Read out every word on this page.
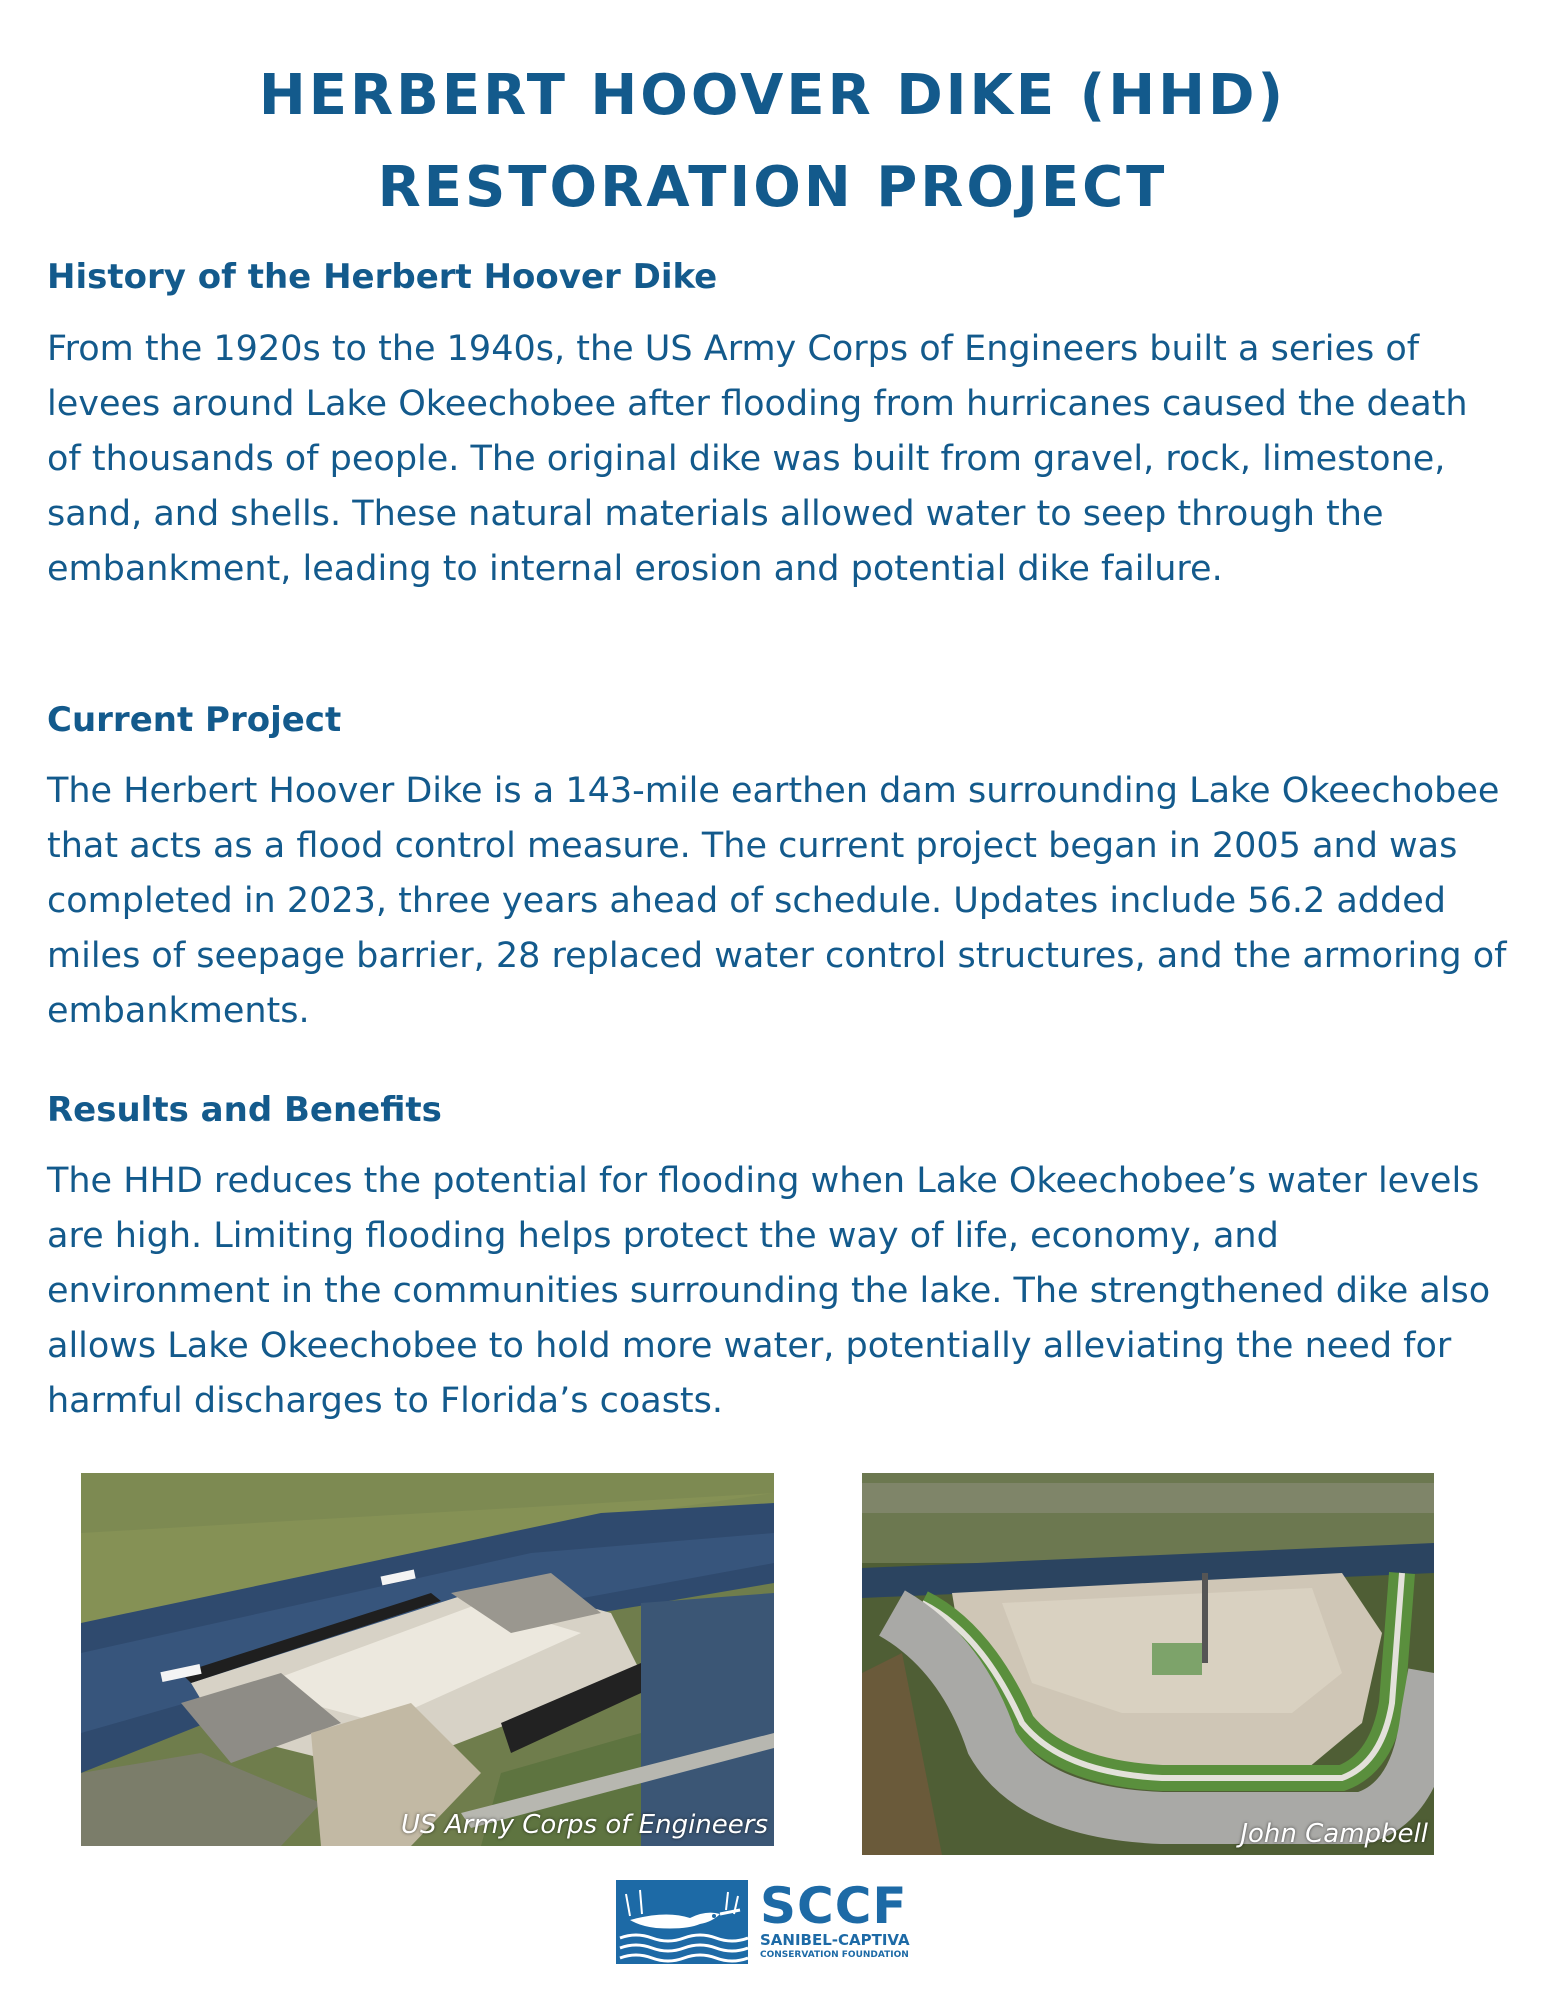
HERBERT HOOVER DIKE (HHD)
RESTORATION PROJECT
History of the Herbert Hoover Dike

From the 1920s to the 1940s, the US Army Corps of Engineers built a series of levees around Lake Okeechobee after flooding from hurricanes caused the death of thousands of people. The original dike was built from gravel, rock, limestone, sand, and shells. These natural materials allowed water to seep through the embankment, leading to internal erosion and potential dike failure.

Current Project

The Herbert Hoover Dike is a 143-mile earthen dam surrounding Lake Okeechobee that acts as a flood control measure. The current project began in 2005 and was completed in 2023, three years ahead of schedule. Updates include 56.2 added miles of seepage barrier, 28 replaced water control structures, and the armoring of embankments.

Results and Benefits

The HHD reduces the potential for flooding when Lake Okeechobee’s water levels are high. Limiting flooding helps protect the way of life, economy, and environment in the communities surrounding the lake. The strengthened dike also allows Lake Okeechobee to hold more water, potentially alleviating the need for harmful discharges to Florida’s coasts.

US Army Corps of Engineers	John Campbell
SCCF
SANIBEL-CAPTIVA
CONSERVATION FOUNDATION
